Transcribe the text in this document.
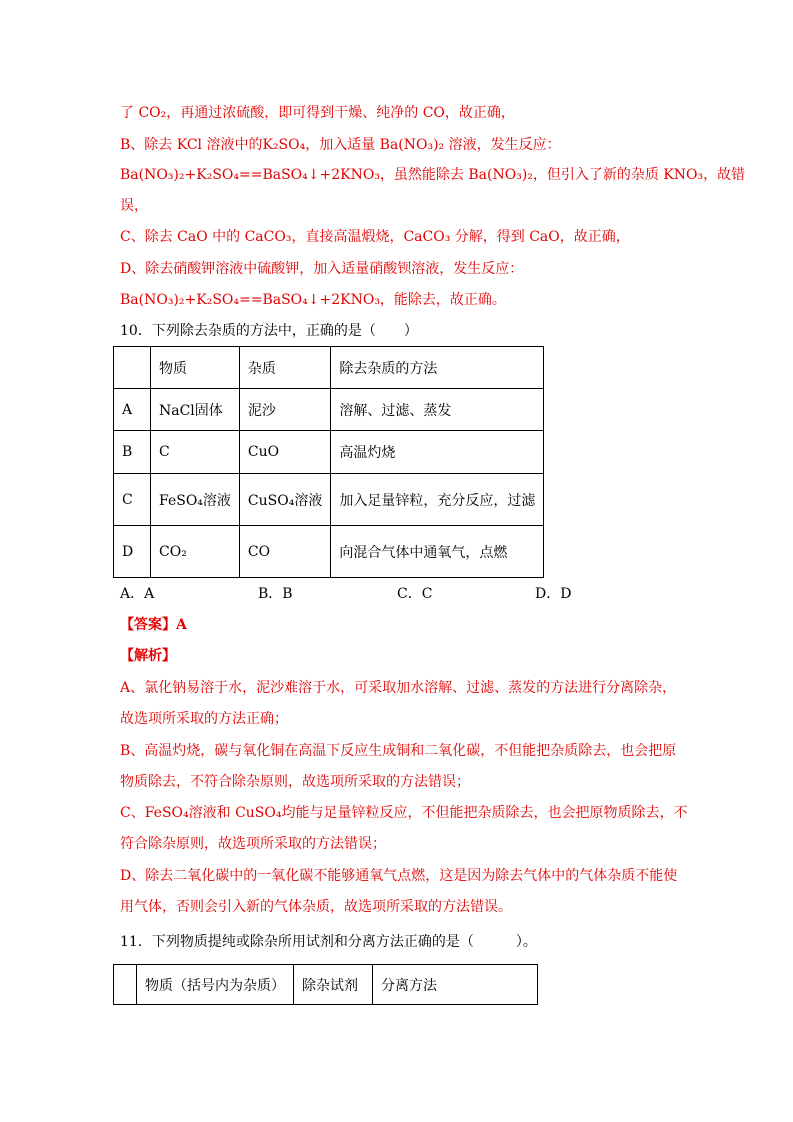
了 CO₂，再通过浓硫酸，即可得到干燥、纯净的 CO，故正确，
B、除去 KCl 溶液中的K₂SO₄，加入适量 Ba(NO₃)₂ 溶液，发生反应：
Ba(NO₃)₂+K₂SO₄==BaSO₄↓+2KNO₃，虽然能除去 Ba(NO₃)₂，但引入了新的杂质 KNO₃，故错
误，
C、除去 CaO 中的 CaCO₃，直接高温煅烧，CaCO₃ 分解，得到 CaO，故正确，
D、除去硝酸钾溶液中硫酸钾，加入适量硝酸钡溶液，发生反应：
Ba(NO₃)₂+K₂SO₄==BaSO₄↓+2KNO₃，能除去，故正确。
10．下列除去杂质的方法中，正确的是（　　）
	物质	杂质	除去杂质的方法
A	NaCl固体	泥沙	溶解、过滤、蒸发
B	C	CuO	高温灼烧
C	FeSO₄溶液	CuSO₄溶液	加入足量锌粒，充分反应，过滤
D	CO₂	CO	向混合气体中通氧气，点燃
A．A	B．B	C．C	D．D
【答案】A
【解析】
A、氯化钠易溶于水，泥沙难溶于水，可采取加水溶解、过滤、蒸发的方法进行分离除杂，
故选项所采取的方法正确；
B、高温灼烧，碳与氧化铜在高温下反应生成铜和二氧化碳，不但能把杂质除去，也会把原
物质除去，不符合除杂原则，故选项所采取的方法错误；
C、FeSO₄溶液和 CuSO₄均能与足量锌粒反应，不但能把杂质除去，也会把原物质除去，不
符合除杂原则，故选项所采取的方法错误；
D、除去二氧化碳中的一氧化碳不能够通氧气点燃，这是因为除去气体中的气体杂质不能使
用气体，否则会引入新的气体杂质，故选项所采取的方法错误。
11．下列物质提纯或除杂所用试剂和分离方法正确的是（　　　）。
	物质（括号内为杂质）	除杂试剂	分离方法
